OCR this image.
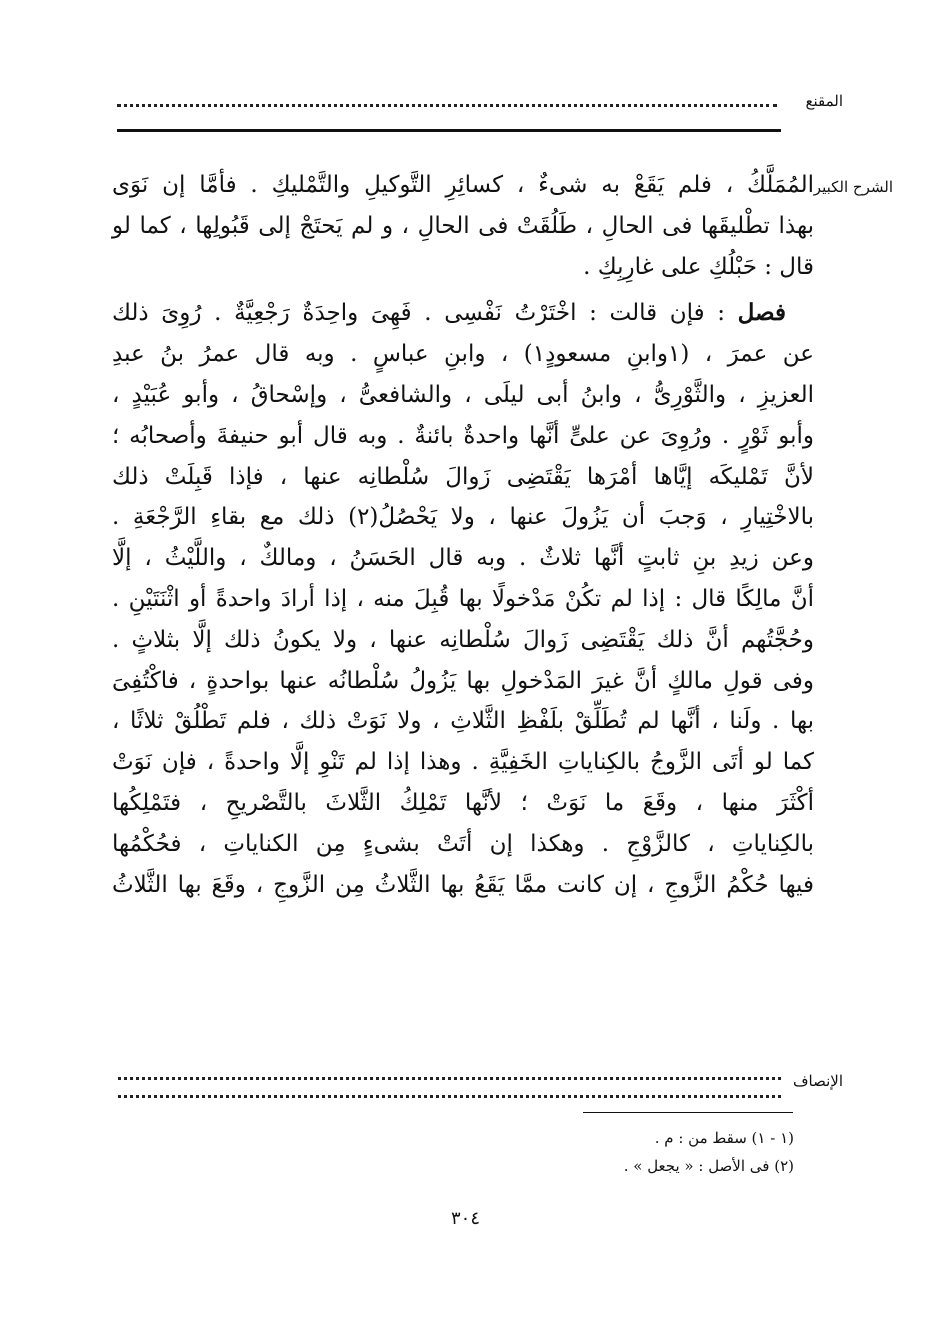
المقنع
الشرح الكبير

المُمَلَّكُ ، فلم يَقَعْ به شىءٌ ، كسائِرِ التَّوكيلِ والتَّمْليكِ . فأمَّا إن نَوَى
بهذا تطْليقَها فى الحالِ ، طَلُقَتْ فى الحالِ ، و لم يَحتَجْ إلى قَبُولِها ، كما لو
قال : حَبْلُكِ على غارِبِكِ .

فصل : فإن قالت : اخْتَرْتُ نَفْسِى . فَهِىَ واحِدَةٌ رَجْعِيَّةٌ . رُوِىَ ذلك
عن عمرَ ، (١وابنِ مسعودٍ١) ، وابنِ عباسٍ . وبه قال عمرُ بنُ عبدِ
العزيزِ ، والثَّوْرِىُّ ، وابنُ أبى ليلَى ، والشافعىُّ ، وإسْحاقُ ، وأبو عُبَيْدٍ ،
وأبو ثَوْرٍ . ورُوِىَ عن علىٍّ أنَّها واحدةٌ بائنةٌ . وبه قال أبو حنيفةَ وأصحابُه ؛
لأنَّ تَمْليكَه إيَّاها أمْرَها يَقْتَضِى زَوالَ سُلْطانِه عنها ، فإذا قَبِلَتْ ذلك
بالاخْتِيارِ ، وَجبَ أن يَزُولَ عنها ، ولا يَحْصُلُ(٢) ذلك مع بقاءِ الرَّجْعَةِ .
وعن زيدِ بنِ ثابتٍ أنَّها ثلاثٌ . وبه قال الحَسَنُ ، ومالكٌ ، واللَّيْثُ ، إلَّا
أنَّ مالِكًا قال : إذا لم تكُنْ مَدْخولًا بها قُبِلَ منه ، إذا أرادَ واحدةً أو اثْنَتَيْنِ .
وحُجَّتُهم أنَّ ذلك يَقْتَضِى زَوالَ سُلْطانِه عنها ، ولا يكونُ ذلك إلَّا بثلاثٍ .
وفى قولِ مالكٍ أنَّ غيرَ المَدْخولِ بها يَزُولُ سُلْطانُه عنها بواحدةٍ ، فاكْتُفِىَ
بها . ولَنا ، أنَّها لم تُطَلِّقْ بلَفْظِ الثَّلاثِ ، ولا نَوَتْ ذلك ، فلم تَطْلُقْ ثلاثًا ،
كما لو أتَى الزَّوجُ بالكِناياتِ الخَفِيَّةِ . وهذا إذا لم تَنْوِ إلَّا واحدةً ، فإن نَوَتْ
أكْثَرَ منها ، وقَعَ ما نَوَتْ ؛ لأنَّها تَمْلِكُ الثَّلاثَ بالتَّصْريحِ ، فتَمْلِكُها
بالكِناياتِ ، كالزَّوْجِ . وهكذا إن أتَتْ بشىءٍ مِن الكناياتِ ، فحُكْمُها
فيها حُكْمُ الزَّوجِ ، إن كانت ممَّا يَقَعُ بها الثَّلاثُ مِن الزَّوجِ ، وقَعَ بها الثَّلاثُ

الإنصاف
(١ - ١) سقط من : م .
(٢) فى الأصل : « يجعل » .
٣٠٤
